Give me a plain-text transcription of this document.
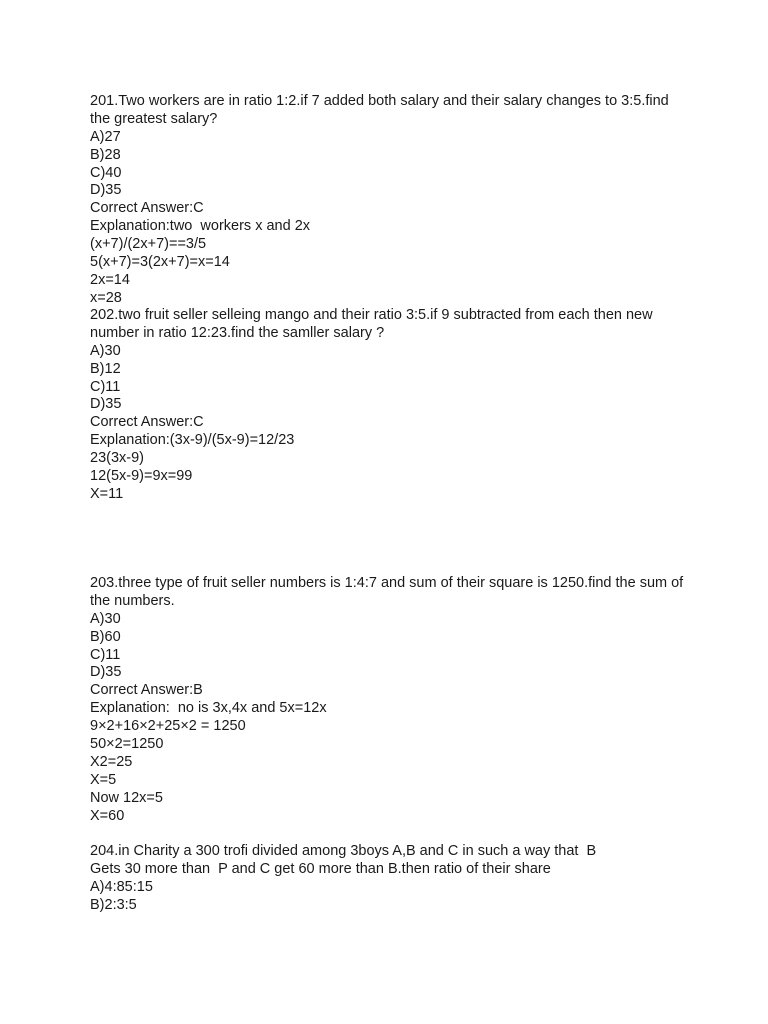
201.Two workers are in ratio 1:2.if 7 added both salary and their salary changes to 3:5.find the greatest salary?
A)27
B)28
C)40
D)35
Correct Answer:C
Explanation:two  workers x and 2x
(x+7)/(2x+7)==3/5
5(x+7)=3(2x+7)=x=14
2x=14
x=28
202.two fruit seller selleing mango and their ratio 3:5.if 9 subtracted from each then new number in ratio 12:23.find the samller salary ?
A)30
B)12
C)11
D)35
Correct Answer:C
Explanation:(3x-9)/(5x-9)=12/23
23(3x-9)
12(5x-9)=9x=99
X=11
203.three type of fruit seller numbers is 1:4:7 and sum of their square is 1250.find the sum of the numbers.
A)30
B)60
C)11
D)35
Correct Answer:B
Explanation:  no is 3x,4x and 5x=12x
9×2+16×2+25×2 = 1250
50×2=1250
X2=25
X=5
Now 12x=5
X=60
204.in Charity a 300 trofi divided among 3boys A,B and C in such a way that  B
Gets 30 more than  P and C get 60 more than B.then ratio of their share
A)4:85:15
B)2:3:5
